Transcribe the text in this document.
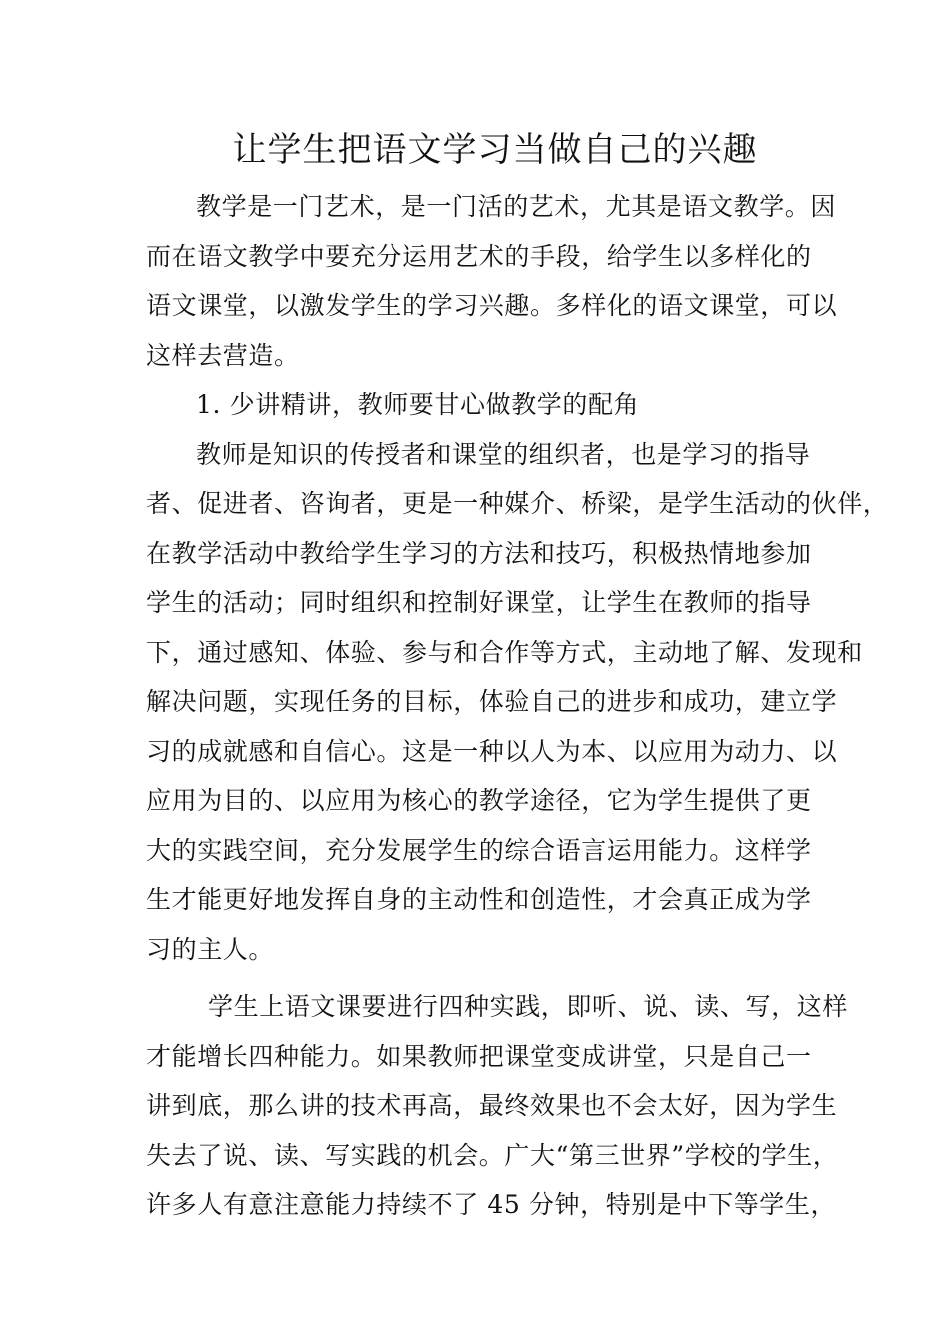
让学生把语文学习当做自己的兴趣
教学是一门艺术，是一门活的艺术，尤其是语文教学。因
而在语文教学中要充分运用艺术的手段，给学生以多样化的
语文课堂，以激发学生的学习兴趣。多样化的语文课堂，可以
这样去营造。
1. 少讲精讲，教师要甘心做教学的配角
教师是知识的传授者和课堂的组织者，也是学习的指导
者、促进者、咨询者，更是一种媒介、桥梁，是学生活动的伙伴，
在教学活动中教给学生学习的方法和技巧，积极热情地参加
学生的活动；同时组织和控制好课堂，让学生在教师的指导
下，通过感知、体验、参与和合作等方式，主动地了解、发现和
解决问题，实现任务的目标，体验自己的进步和成功，建立学
习的成就感和自信心。这是一种以人为本、以应用为动力、以
应用为目的、以应用为核心的教学途径，它为学生提供了更
大的实践空间，充分发展学生的综合语言运用能力。这样学
生才能更好地发挥自身的主动性和创造性，才会真正成为学
习的主人。
学生上语文课要进行四种实践，即听、说、读、写，这样
才能增长四种能力。如果教师把课堂变成讲堂，只是自己一
讲到底，那么讲的技术再高，最终效果也不会太好，因为学生
失去了说、读、写实践的机会。广大“第三世界”学校的学生，
许多人有意注意能力持续不了 45 分钟，特别是中下等学生，
